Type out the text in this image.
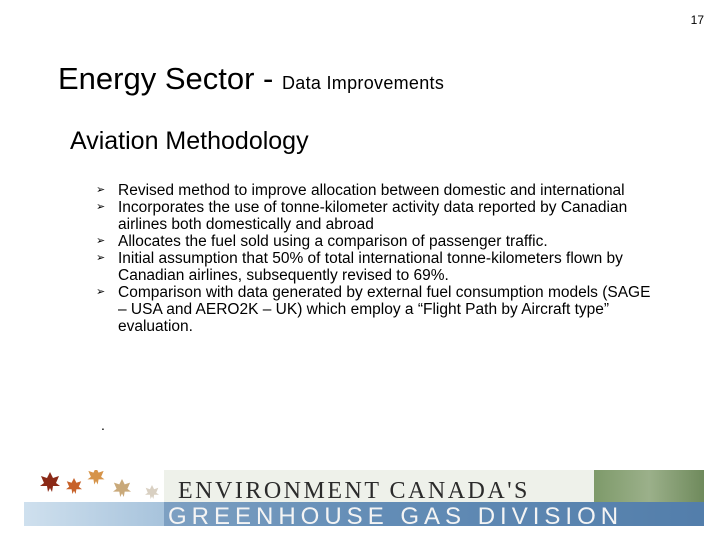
17
Energy Sector - Data Improvements
Aviation Methodology
➢ Revised method to improve allocation between domestic and international
➢ Incorporates the use of tonne-kilometer activity data reported by Canadian airlines both domestically and abroad
➢ Allocates the fuel sold using a comparison of passenger traffic.
➢ Initial assumption that 50% of total international tonne-kilometers flown by Canadian airlines, subsequently revised to 69%.
➢ Comparison with data generated by external fuel consumption models (SAGE – USA and AERO2K – UK) which employ a “Flight Path by Aircraft type” evaluation.
.
ENVIRONMENT CANADA'S
GREENHOUSE GAS DIVISION
